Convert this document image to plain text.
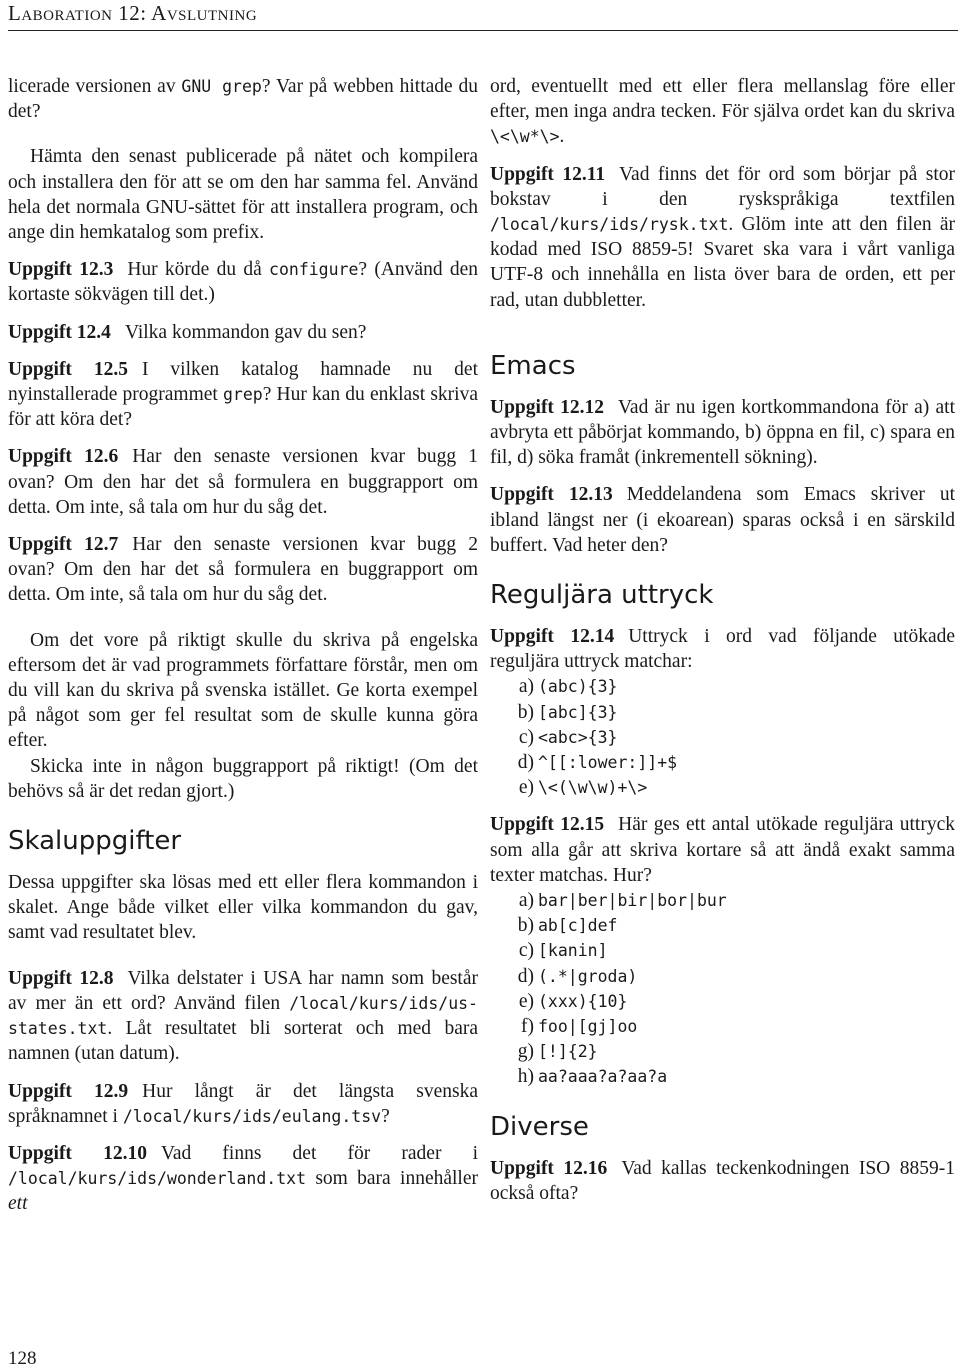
Laboration 12: Avslutning

licerade versionen av GNU grep? Var på webben hittade du det?

Hämta den senast publicerade på nätet och kompilera och installera den för att se om den har samma fel. Använd hela det normala GNU-sättet för att installera program, och ange din hemkatalog som prefix.

Uppgift 12.3 Hur körde du då configure? (Använd den kortaste sökvägen till det.)

Uppgift 12.4 Vilka kommandon gav du sen?

Uppgift 12.5 I vilken katalog hamnade nu det nyinstallerade programmet grep? Hur kan du enklast skriva för att köra det?

Uppgift 12.6 Har den senaste versionen kvar bugg 1 ovan? Om den har det så formulera en buggrapport om detta. Om inte, så tala om hur du såg det.

Uppgift 12.7 Har den senaste versionen kvar bugg 2 ovan? Om den har det så formulera en buggrapport om detta. Om inte, så tala om hur du såg det.

Om det vore på riktigt skulle du skriva på engelska eftersom det är vad programmets författare förstår, men om du vill kan du skriva på svenska istället. Ge korta exempel på något som ger fel resultat som de skulle kunna göra efter.

Skicka inte in någon buggrapport på riktigt! (Om det behövs så är det redan gjort.)

Skaluppgifter

Dessa uppgifter ska lösas med ett eller flera kommandon i skalet. Ange både vilket eller vilka kommandon du gav, samt vad resultatet blev.

Uppgift 12.8 Vilka delstater i USA har namn som består av mer än ett ord? Använd filen /local/kurs/ids/us-states.txt. Låt resultatet bli sorterat och med bara namnen (utan datum).

Uppgift 12.9 Hur långt är det längsta svenska språknamnet i /local/kurs/ids/eulang.tsv?

Uppgift 12.10 Vad finns det för rader i /local/kurs/ids/wonderland.txt som bara innehåller ett

ord, eventuellt med ett eller flera mellanslag före eller efter, men inga andra tecken. För själva ordet kan du skriva \<\w*\>.

Uppgift 12.11 Vad finns det för ord som börjar på stor bokstav i den ryskspråkiga textfilen /local/kurs/ids/rysk.txt. Glöm inte att den filen är kodad med ISO 8859-5! Svaret ska vara i vårt vanliga UTF-8 och innehålla en lista över bara de orden, ett per rad, utan dubbletter.

Emacs

Uppgift 12.12 Vad är nu igen kortkommandona för a) att avbryta ett påbörjat kommando, b) öppna en fil, c) spara en fil, d) söka framåt (inkrementell sökning).

Uppgift 12.13 Meddelandena som Emacs skriver ut ibland längst ner (i ekoarean) sparas också i en särskild buffert. Vad heter den?

Reguljära uttryck

Uppgift 12.14 Uttryck i ord vad följande utökade reguljära uttryck matchar:

a) (abc){3}
b) [abc]{3}
c) <abc>{3}
d) ^[[:lower:]]+$
e) \<(\w\w)+\>

Uppgift 12.15 Här ges ett antal utökade reguljära uttryck som alla går att skriva kortare så att ändå exakt samma texter matchas. Hur?

a) bar|ber|bir|bor|bur
b) ab[c]def
c) [kanin]
d) (.*|groda)
e) (xxx){10}
f) foo|[gj]oo
g) [!]{2}
h) aa?aaa?a?aa?a
Diverse

Uppgift 12.16 Vad kallas teckenkodningen ISO 8859-1 också ofta?

128
